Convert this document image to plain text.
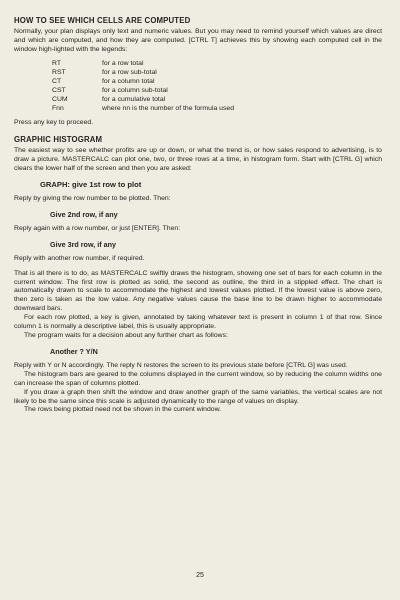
HOW TO SEE WHICH CELLS ARE COMPUTED

Normally, your plan displays only text and numeric values. But you may need to remind yourself which values are direct and which are computed, and how they are computed. [CTRL T] achieves this by showing each computed cell in the window high-lighted with the legends:

RT	for a row total
RST	for a row sub-total
CT	for a column total
CST	for a column sub-total
CUM	for a cumulative total
Fnn	where nn is the number of the formula used

Press any key to proceed.

GRAPHIC HISTOGRAM

The easiest way to see whether profits are up or down, or what the trend is, or how sales respond to advertising, is to draw a picture. MASTERCALC can plot one, two, or three rows at a time, in histogram form. Start with [CTRL G] which clears the lower half of the screen and then you are asked:

GRAPH: give 1st row to plot

Reply by giving the row number to be plotted. Then:

Give 2nd row, if any

Reply again with a row number, or just [ENTER]. Then:

Give 3rd row, if any

Reply with another row number, if required.

That is all there is to do, as MASTERCALC swiftly draws the histogram, showing one set of bars for each column in the current window. The first row is plotted as solid, the second as outline, the third in a stippled effect. The chart is automatically drawn to scale to accommodate the highest and lowest values plotted. If the lowest value is above zero, then zero is taken as the low value. Any negative values cause the base line to be drawn higher to accommodate downward bars.

For each row plotted, a key is given, annotated by taking whatever text is present in column 1 of that row. Since column 1 is normally a descriptive label, this is usually appropriate.

The program waits for a decision about any further chart as follows:

Another ? Y/N

Reply with Y or N accordingly. The reply N restores the screen to its previous state before [CTRL G] was used.

The histogram bars are geared to the columns displayed in the current window, so by reducing the column widths one can increase the span of columns plotted.

If you draw a graph then shift the window and draw another graph of the same variables, the vertical scales are not likely to be the same since this scale is adjusted dynamically to the range of values on display.

The rows being plotted need not be shown in the current window.

25
